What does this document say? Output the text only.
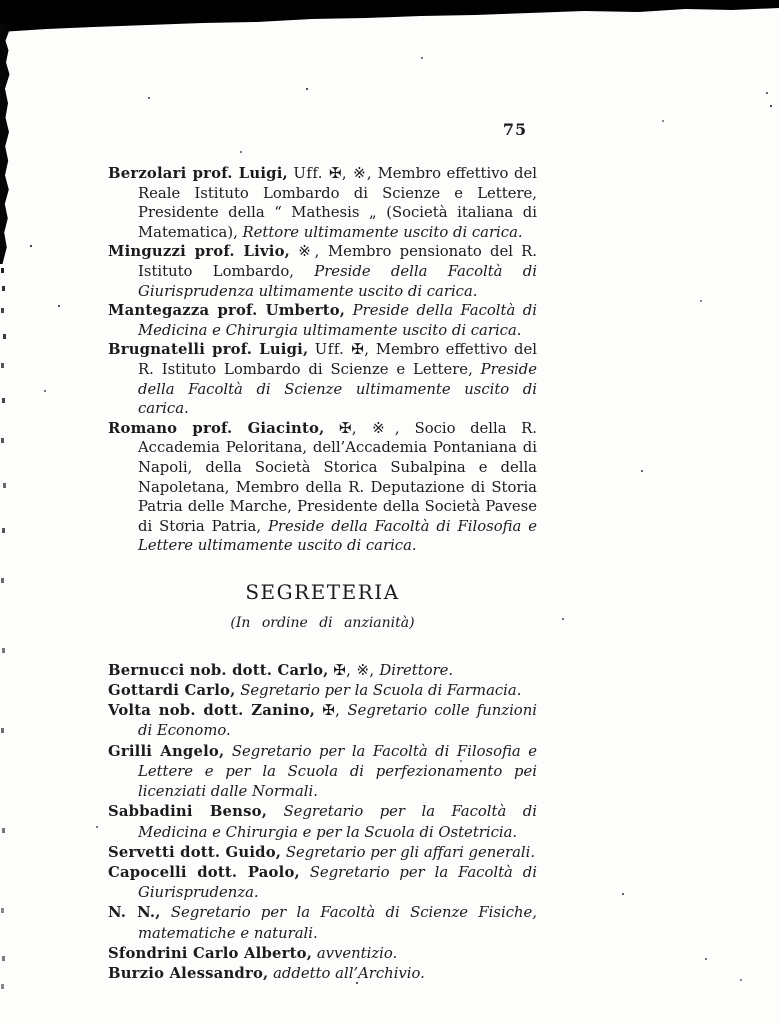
75

Berzolari prof. Luigi, Uff. ✠, ※, Membro effettivo del Reale Istituto Lombardo di Scienze e Lettere, Presidente della “ Mathesis „ (Società italiana di Matematica), Rettore ultimamente uscito di carica.

Minguzzi prof. Livio, ※, Membro pensionato del R. Istituto Lombardo, Preside della Facoltà di Giurisprudenza ultimamente uscito di carica.

Mantegazza prof. Umberto, Preside della Facoltà di Medicina e Chirurgia ultimamente uscito di carica.

Brugnatelli prof. Luigi, Uff. ✠, Membro effettivo del R. Istituto Lombardo di Scienze e Lettere, Preside della Facoltà di Scienze ultimamente uscito di carica.

Romano prof. Giacinto, ✠, ※, Socio della R. Accademia Peloritana, dell’Accademia Pontaniana di Napoli, della Società Storica Subalpina e della Napoletana, Membro della R. Deputazione di Storia Patria delle Marche, Presidente della Società Pavese di Storia Patria, Preside della Facoltà di Filosofia e Lettere ultimamente uscito di carica.

SEGRETERIA
(In ordine di anzianità)

Bernucci nob. dott. Carlo, ✠, ※, Direttore.

Gottardi Carlo, Segretario per la Scuola di Farmacia.

Volta nob. dott. Zanino, ✠, Segretario colle funzioni di Economo.

Grilli Angelo, Segretario per la Facoltà di Filosofia e Lettere e per la Scuola di perfezionamento pei licenziati dalle Normali.

Sabbadini Benso, Segretario per la Facoltà di Medicina e Chirurgia e per la Scuola di Ostetricia.

Servetti dott. Guido, Segretario per gli affari generali.

Capocelli dott. Paolo, Segretario per la Facoltà di Giurisprudenza.

N. N., Segretario per la Facoltà di Scienze Fisiche, matematiche e naturali.

Sfondrini Carlo Alberto, avventizio.

Burzio Alessandro, addetto all’Archivio.
